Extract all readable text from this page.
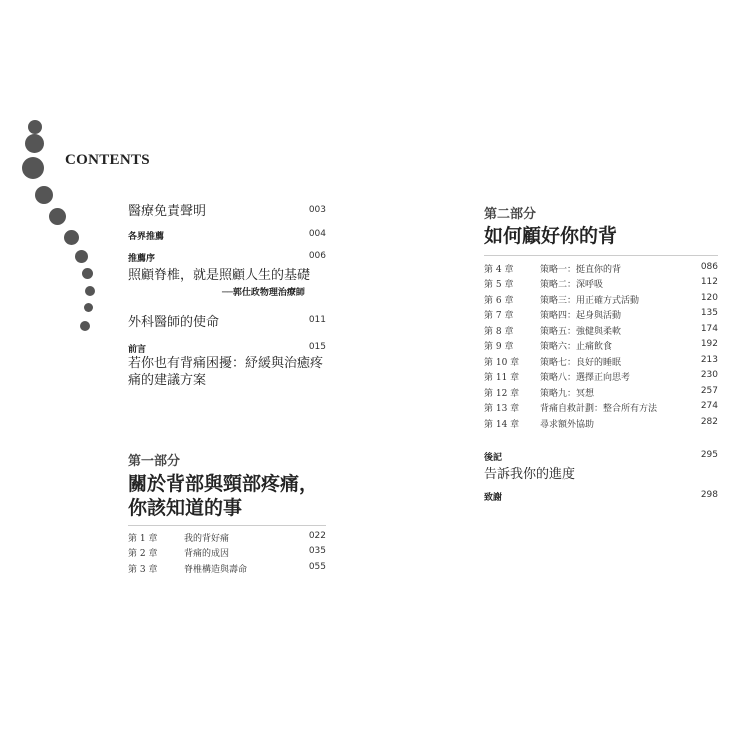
CONTENTS
醫療免責聲明	003
各界推薦	004
推薦序	006
照顧脊椎，就是照顧人生的基礎
──郭仕政物理治療師
外科醫師的使命	011
前言	015
若你也有背痛困擾：紓緩與治癒疼
痛的建議方案
第一部分
關於背部與頸部疼痛，
你該知道的事
第 1 章	我的背好痛	022
第 2 章	背痛的成因	035
第 3 章	脊椎構造與壽命	055
第二部分
如何顧好你的背
第 4 章	策略一：挺直你的背	086
第 5 章	策略二：深呼吸	112
第 6 章	策略三：用正確方式活動	120
第 7 章	策略四：起身與活動	135
第 8 章	策略五：強健與柔軟	174
第 9 章	策略六：止痛飲食	192
第 10 章 策略七：良好的睡眠	213
第 11 章 策略八：選擇正向思考	230
第 12 章 策略九：冥想	257
第 13 章 背痛自救計劃：整合所有方法	274
第 14 章 尋求額外協助	282
後記	295
告訴我你的進度
致謝	298
